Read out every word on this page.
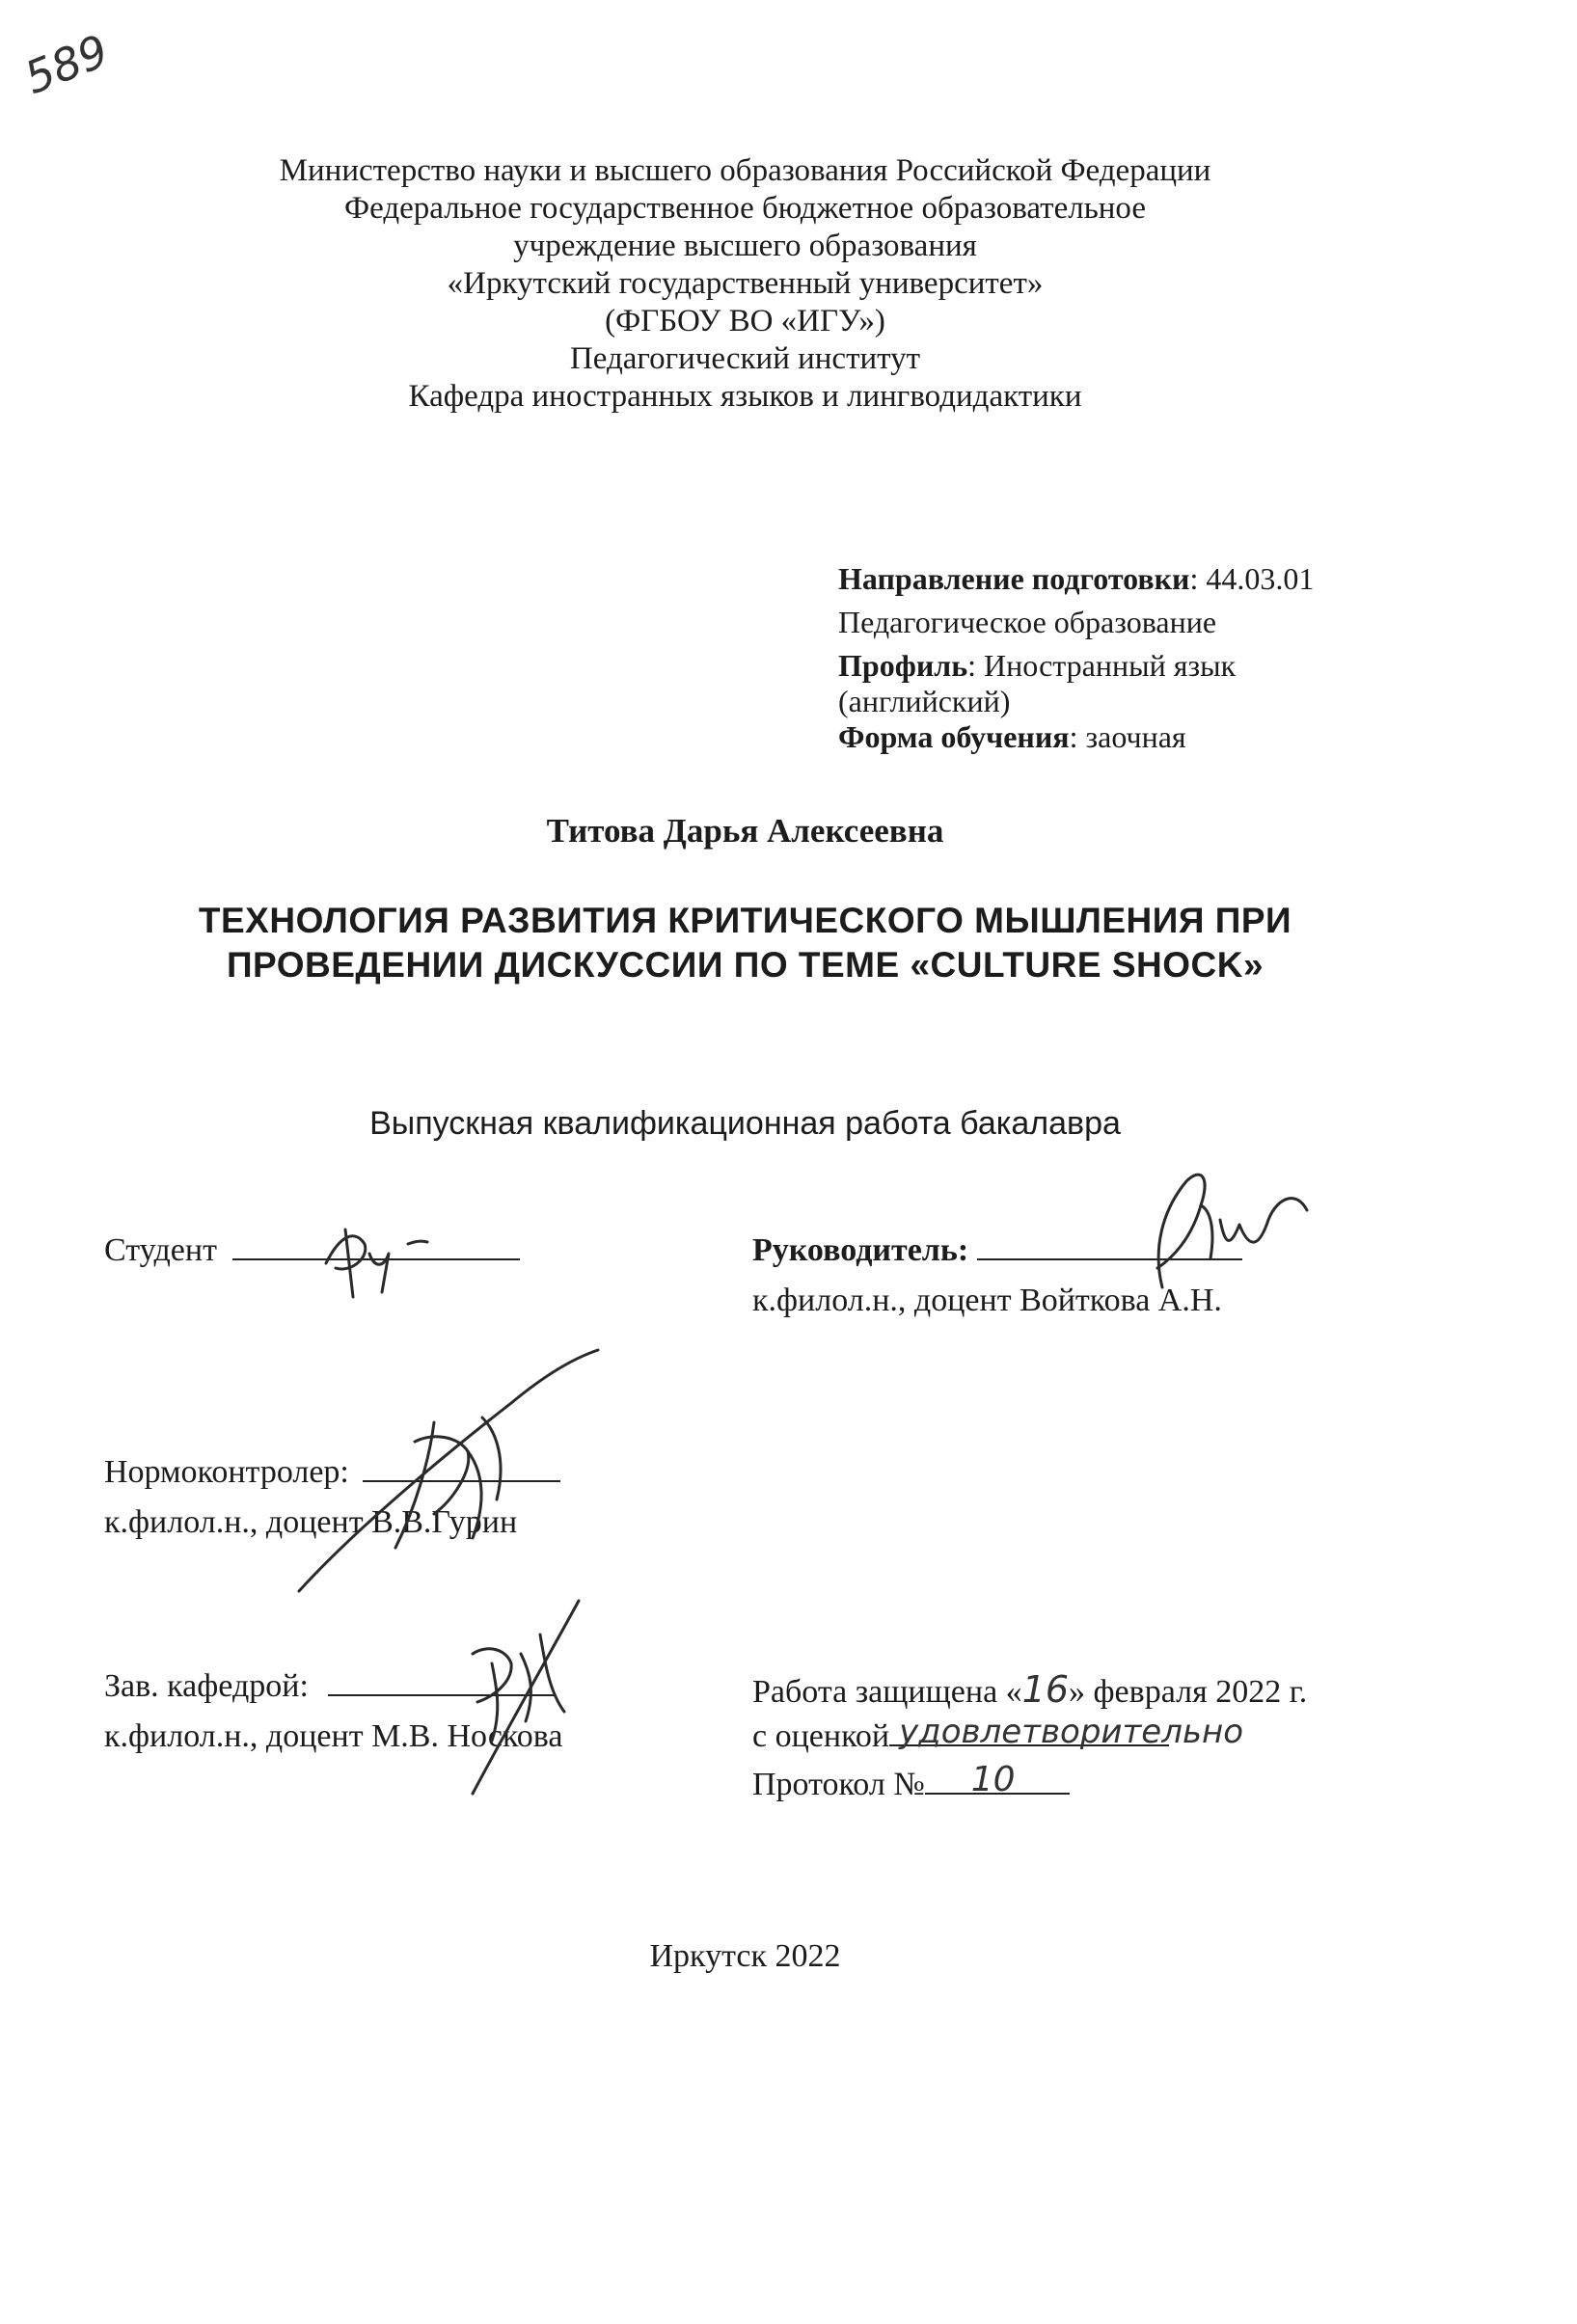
589
Министерство науки и высшего образования Российской Федерации
Федеральное государственное бюджетное образовательное
учреждение высшего образования
«Иркутский государственный университет»
(ФГБОУ ВО «ИГУ»)
Педагогический институт
Кафедра иностранных языков и лингводидактики
Направление подготовки: 44.03.01
Педагогическое образование
Профиль: Иностранный язык
(английский)
Форма обучения: заочная
Титова Дарья Алексеевна
ТЕХНОЛОГИЯ РАЗВИТИЯ КРИТИЧЕСКОГО МЫШЛЕНИЯ ПРИ
ПРОВЕДЕНИИ ДИСКУССИИ ПО ТЕМЕ «CULTURE SHOCK»
Выпускная квалификационная работа бакалавра
Студент	Руководитель:
к.филол.н., доцент Войткова А.Н.
Нормоконтролер:
к.филол.н., доцент В.В.Гурин
Зав. кафедрой:
к.филол.н., доцент М.В. Носкова
Работа защищена «16» февраля 2022 г.
с оценкой удовлетворительно
Протокол № 10
Иркутск 2022
